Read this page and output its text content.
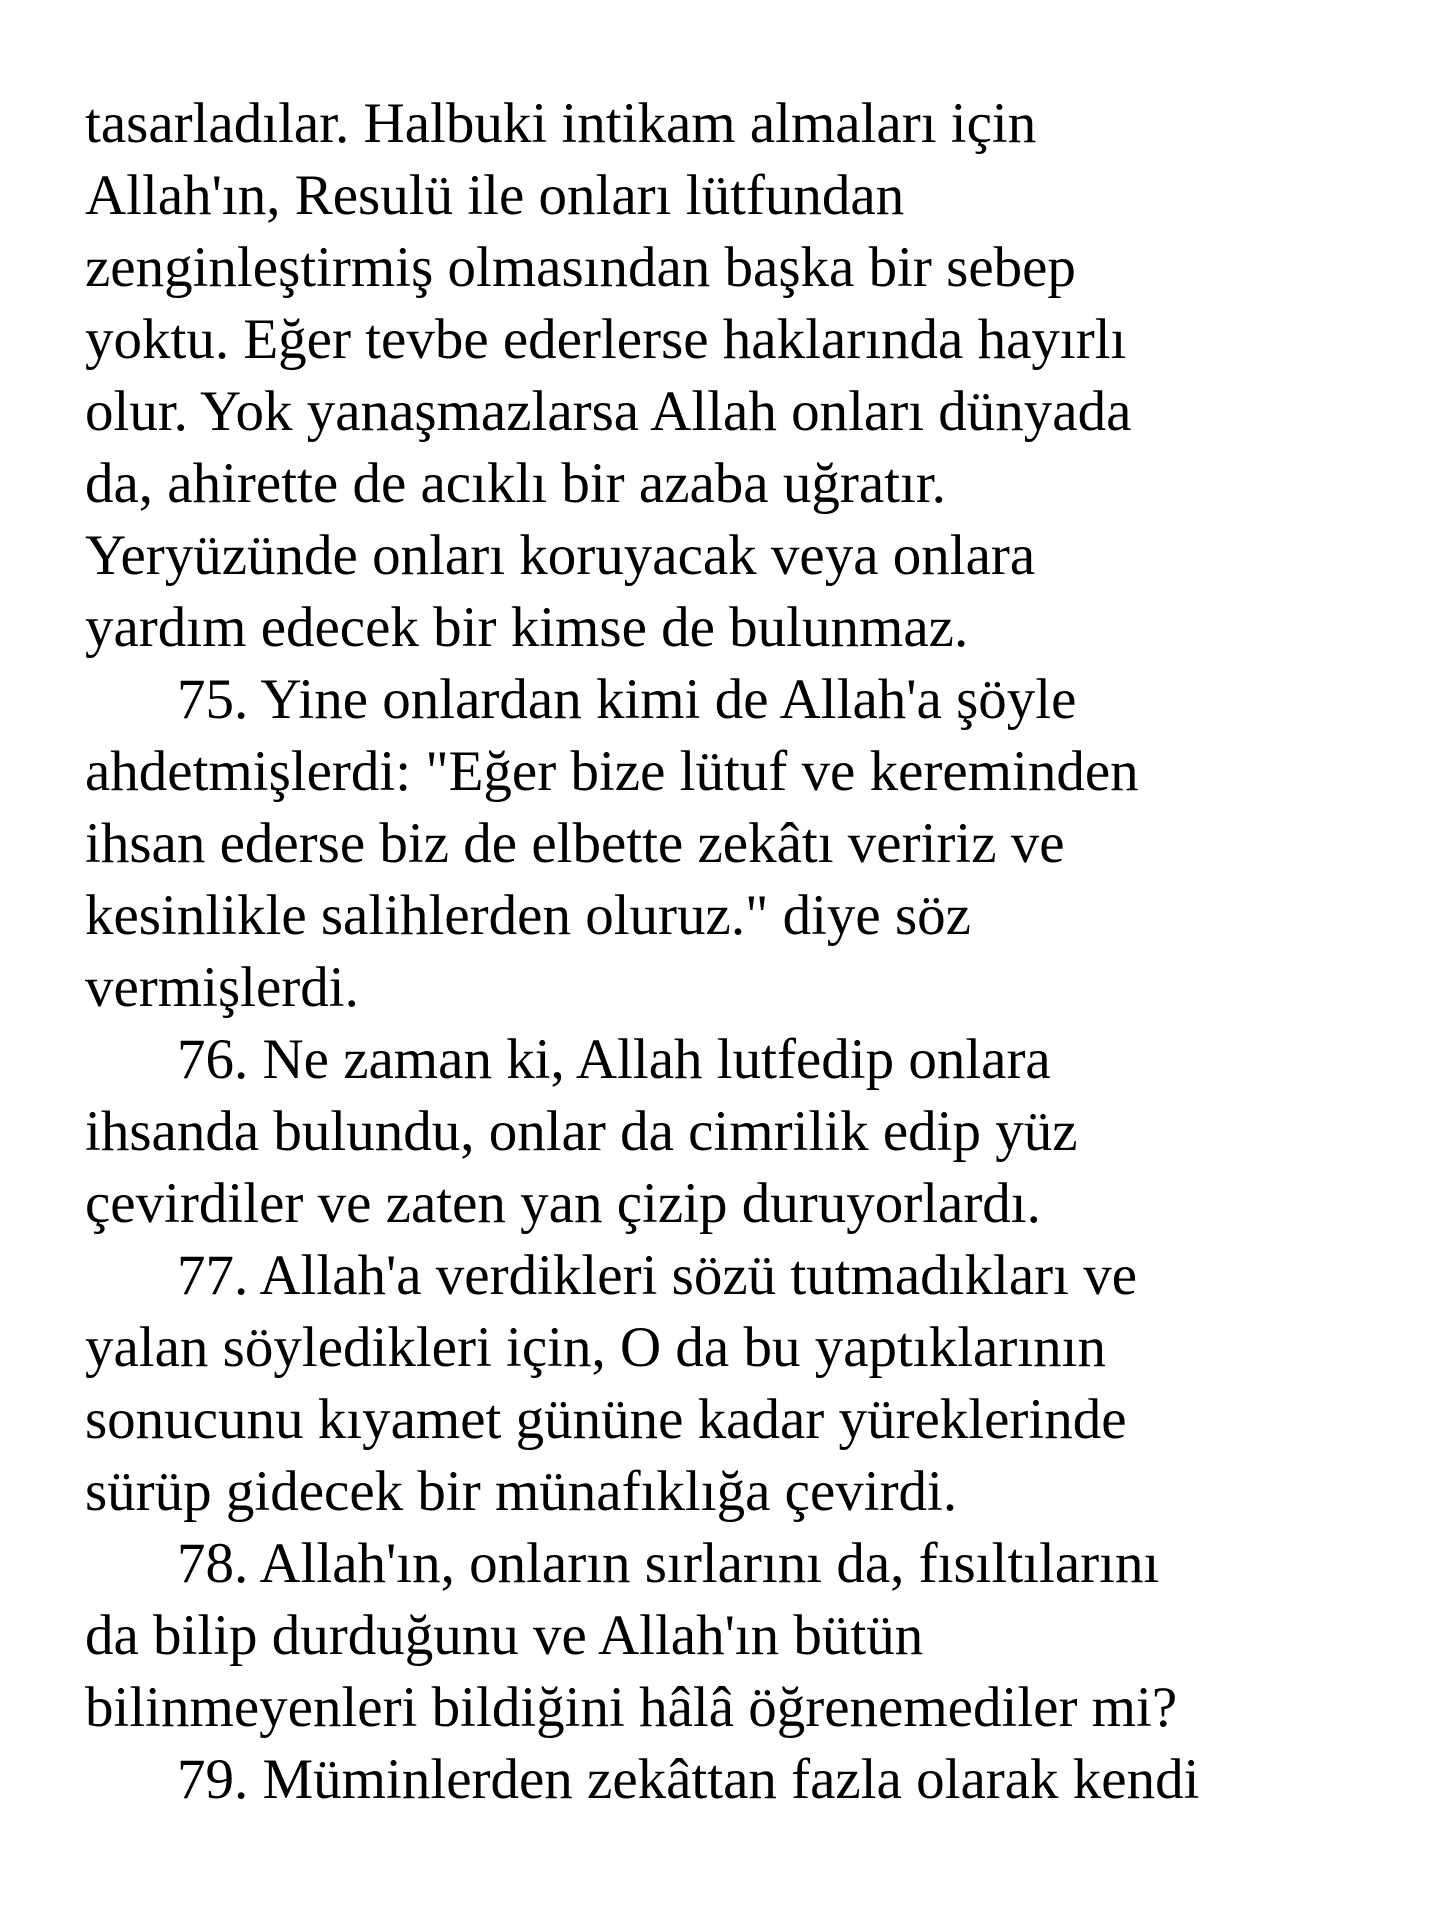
tasarladılar. Halbuki intikam almaları için
Allah'ın, Resulü ile onları lütfundan
zenginleştirmiş olmasından başka bir sebep
yoktu. Eğer tevbe ederlerse haklarında hayırlı
olur. Yok yanaşmazlarsa Allah onları dünyada
da, ahirette de acıklı bir azaba uğratır.
Yeryüzünde onları koruyacak veya onlara
yardım edecek bir kimse de bulunmaz.
75. Yine onlardan kimi de Allah'a şöyle
ahdetmişlerdi: "Eğer bize lütuf ve kereminden
ihsan ederse biz de elbette zekâtı veririz ve
kesinlikle salihlerden oluruz." diye söz
vermişlerdi.
76. Ne zaman ki, Allah lutfedip onlara
ihsanda bulundu, onlar da cimrilik edip yüz
çevirdiler ve zaten yan çizip duruyorlardı.
77. Allah'a verdikleri sözü tutmadıkları ve
yalan söyledikleri için, O da bu yaptıklarının
sonucunu kıyamet gününe kadar yüreklerinde
sürüp gidecek bir münafıklığa çevirdi.
78. Allah'ın, onların sırlarını da, fısıltılarını
da bilip durduğunu ve Allah'ın bütün
bilinmeyenleri bildiğini hâlâ öğrenemediler mi?
79. Müminlerden zekâttan fazla olarak kendi
